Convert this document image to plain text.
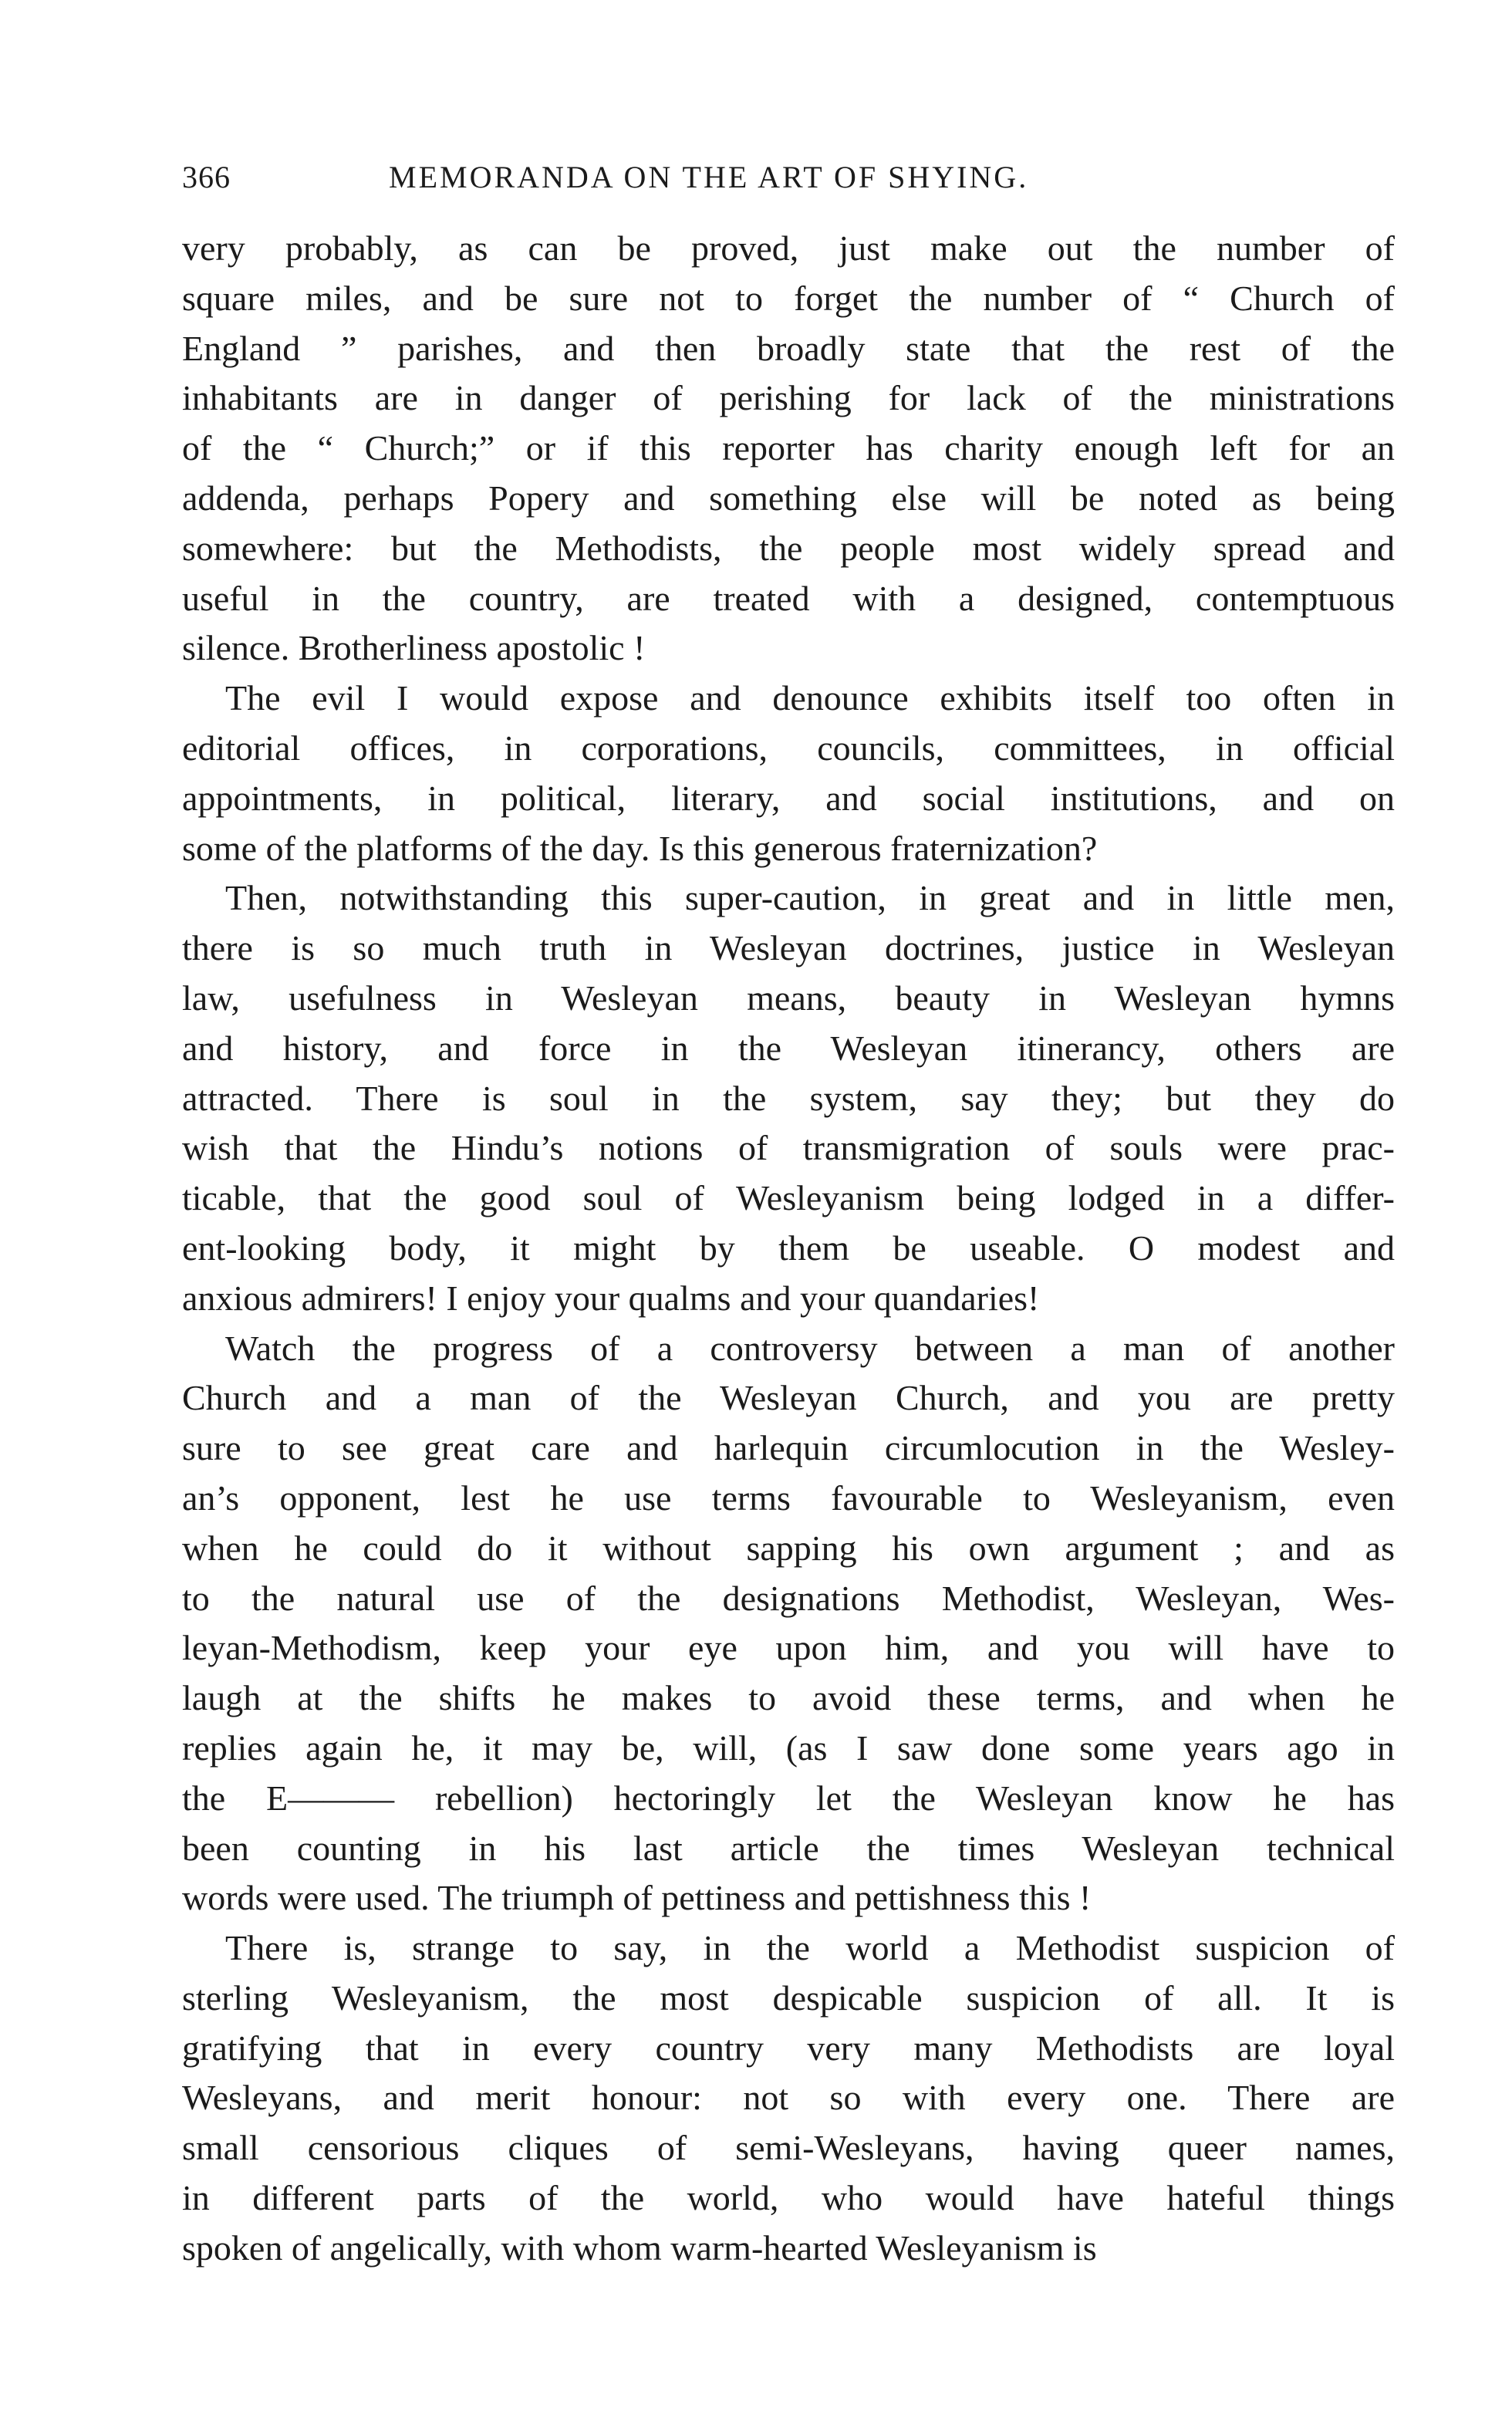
366	MEMORANDA ON THE ART OF SHYING.
very probably, as can be proved, just make out the number of
square miles, and be sure not to forget the number of “ Church of
England ” parishes, and then broadly state that the rest of the
inhabitants are in danger of perishing for lack of the ministrations
of the “ Church;” or if this reporter has charity enough left for an
addenda, perhaps Popery and something else will be noted as being
somewhere: but the Methodists, the people most widely spread and
useful in the country, are treated with a designed, contemptuous
silence. Brotherliness apostolic !
The evil I would expose and denounce exhibits itself too often in
editorial offices, in corporations, councils, committees, in official
appointments, in political, literary, and social institutions, and on
some of the platforms of the day. Is this generous fraternization?
Then, notwithstanding this super-caution, in great and in little men,
there is so much truth in Wesleyan doctrines, justice in Wesleyan
law, usefulness in Wesleyan means, beauty in Wesleyan hymns
and history, and force in the Wesleyan itinerancy, others are
attracted. There is soul in the system, say they; but they do
wish that the Hindu’s notions of transmigration of souls were prac-
ticable, that the good soul of Wesleyanism being lodged in a differ-
ent-looking body, it might by them be useable. O modest and
anxious admirers! I enjoy your qualms and your quandaries!
Watch the progress of a controversy between a man of another
Church and a man of the Wesleyan Church, and you are pretty
sure to see great care and harlequin circumlocution in the Wesley-
an’s opponent, lest he use terms favourable to Wesleyanism, even
when he could do it without sapping his own argument ; and as
to the natural use of the designations Methodist, Wesleyan, Wes-
leyan-Methodism, keep your eye upon him, and you will have to
laugh at the shifts he makes to avoid these terms, and when he
replies again he, it may be, will, (as I saw done some years ago in
the E——— rebellion) hectoringly let the Wesleyan know he has
been counting in his last article the times Wesleyan technical
words were used. The triumph of pettiness and pettishness this !
There is, strange to say, in the world a Methodist suspicion of
sterling Wesleyanism, the most despicable suspicion of all. It is
gratifying that in every country very many Methodists are loyal
Wesleyans, and merit honour: not so with every one. There are
small censorious cliques of semi-Wesleyans, having queer names,
in different parts of the world, who would have hateful things
spoken of angelically, with whom warm-hearted Wesleyanism is
